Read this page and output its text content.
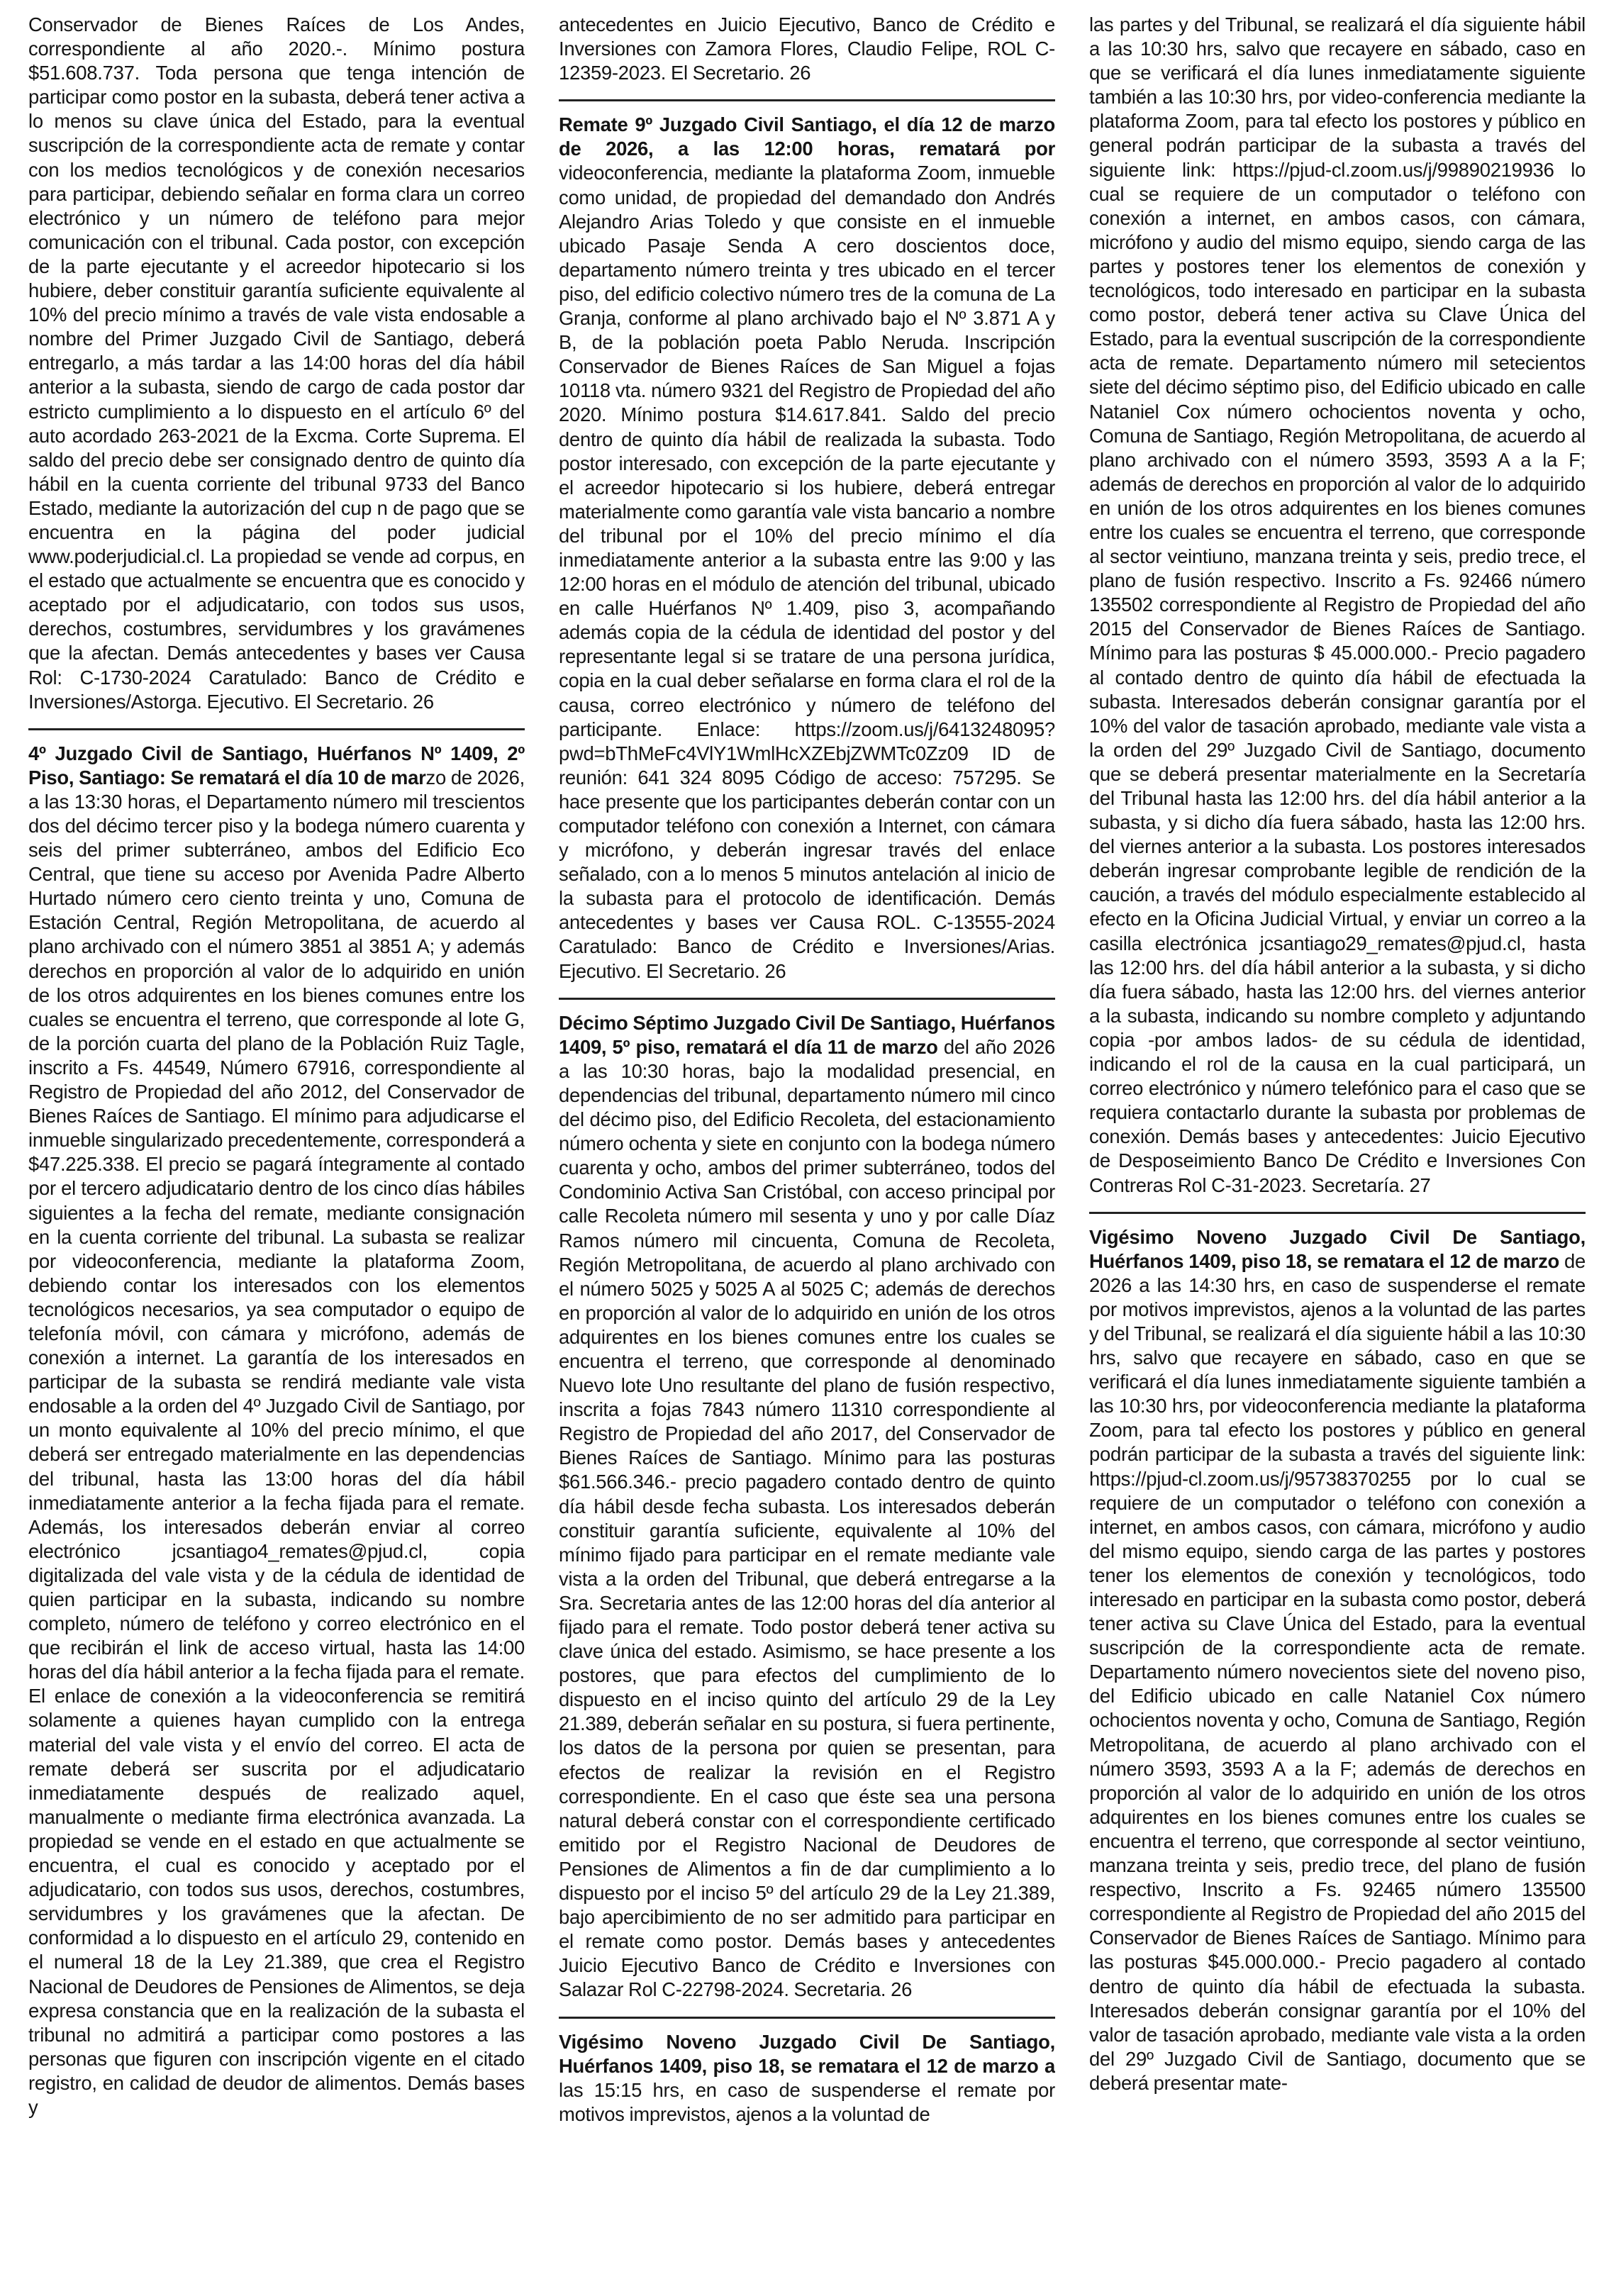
Conservador de Bienes Raíces de Los Andes, correspondiente al año 2020.-. Mínimo postura $51.608.737. Toda persona que tenga intención de participar como postor en la subasta, deberá tener activa a lo menos su clave única del Estado, para la eventual suscripción de la correspondiente acta de remate y contar con los medios tecnológicos y de conexión necesarios para participar, debiendo señalar en forma clara un correo electrónico y un número de teléfono para mejor comunicación con el tribunal. Cada postor, con excepción de la parte ejecutante y el acreedor hipotecario si los hubiere, deber constituir garantía suficiente equivalente al 10% del precio mínimo a través de vale vista endosable a nombre del Primer Juzgado Civil de Santiago, deberá entregarlo, a más tardar a las 14:00 horas del día hábil anterior a la subasta, siendo de cargo de cada postor dar estricto cumplimiento a lo dispuesto en el artículo 6º del auto acordado 263-2021 de la Excma. Corte Suprema. El saldo del precio debe ser consignado dentro de quinto día hábil en la cuenta corriente del tribunal 9733 del Banco Estado, mediante la autorización del cup n de pago que se encuentra en la página del poder judicial www.poderjudicial.cl. La propiedad se vende ad corpus, en el estado que actualmente se encuentra que es conocido y aceptado por el adjudicatario, con todos sus usos, derechos, costumbres, servidumbres y los gravámenes que la afectan. Demás antecedentes y bases ver Causa Rol: C-1730-2024 Caratulado: Banco de Crédito e Inversiones/Astorga. Ejecutivo. El Secretario. 26

4º Juzgado Civil de Santiago, Huérfanos Nº 1409, 2º Piso, Santiago: Se rematará el día 10 de marzo de 2026, a las 13:30 horas, el Departamento número mil trescientos dos del décimo tercer piso y la bodega número cuarenta y seis del primer subterráneo, ambos del Edificio Eco Central, que tiene su acceso por Avenida Padre Alberto Hurtado número cero ciento treinta y uno, Comuna de Estación Central, Región Metropolitana, de acuerdo al plano archivado con el número 3851 al 3851 A; y además derechos en proporción al valor de lo adquirido en unión de los otros adquirentes en los bienes comunes entre los cuales se encuentra el terreno, que corresponde al lote G, de la porción cuarta del plano de la Población Ruiz Tagle, inscrito a Fs. 44549, Número 67916, correspondiente al Registro de Propiedad del año 2012, del Conservador de Bienes Raíces de Santiago. El mínimo para adjudicarse el inmueble singularizado precedentemente, corresponderá a $47.225.338. El precio se pagará íntegramente al contado por el tercero adjudicatario dentro de los cinco días hábiles siguientes a la fecha del remate, mediante consignación en la cuenta corriente del tribunal. La subasta se realizar por videoconferencia, mediante la plataforma Zoom, debiendo contar los interesados con los elementos tecnológicos necesarios, ya sea computador o equipo de telefonía móvil, con cámara y micrófono, además de conexión a internet. La garantía de los interesados en participar de la subasta se rendirá mediante vale vista endosable a la orden del 4º Juzgado Civil de Santiago, por un monto equivalente al 10% del precio mínimo, el que deberá ser entregado materialmente en las dependencias del tribunal, hasta las 13:00 horas del día hábil inmediatamente anterior a la fecha fijada para el remate. Además, los interesados deberán enviar al correo electrónico jcsantiago4_remates@pjud.cl, copia digitalizada del vale vista y de la cédula de identidad de quien participar en la subasta, indicando su nombre completo, número de teléfono y correo electrónico en el que recibirán el link de acceso virtual, hasta las 14:00 horas del día hábil anterior a la fecha fijada para el remate. El enlace de conexión a la videoconferencia se remitirá solamente a quienes hayan cumplido con la entrega material del vale vista y el envío del correo. El acta de remate deberá ser suscrita por el adjudicatario inmediatamente después de realizado aquel, manualmente o mediante firma electrónica avanzada. La propiedad se vende en el estado en que actualmente se encuentra, el cual es conocido y aceptado por el adjudicatario, con todos sus usos, derechos, costumbres, servidumbres y los gravámenes que la afectan. De conformidad a lo dispuesto en el artículo 29, contenido en el numeral 18 de la Ley 21.389, que crea el Registro Nacional de Deudores de Pensiones de Alimentos, se deja expresa constancia que en la realización de la subasta el tribunal no admitirá a participar como postores a las personas que figuren con inscripción vigente en el citado registro, en calidad de deudor de alimentos. Demás bases y

antecedentes en Juicio Ejecutivo, Banco de Crédito e Inversiones con Zamora Flores, Claudio Felipe, ROL C-12359-2023. El Secretario. 26

Remate 9º Juzgado Civil Santiago, el día 12 de marzo de 2026, a las 12:00 horas, rematará por videoconferencia, mediante la plataforma Zoom, inmueble como unidad, de propiedad del demandado don Andrés Alejandro Arias Toledo y que consiste en el inmueble ubicado Pasaje Senda A cero doscientos doce, departamento número treinta y tres ubicado en el tercer piso, del edificio colectivo número tres de la comuna de La Granja, conforme al plano archivado bajo el Nº 3.871 A y B, de la población poeta Pablo Neruda. Inscripción Conservador de Bienes Raíces de San Miguel a fojas 10118 vta. número 9321 del Registro de Propiedad del año 2020. Mínimo postura $14.617.841. Saldo del precio dentro de quinto día hábil de realizada la subasta. Todo postor interesado, con excepción de la parte ejecutante y el acreedor hipotecario si los hubiere, deberá entregar materialmente como garantía vale vista bancario a nombre del tribunal por el 10% del precio mínimo el día inmediatamente anterior a la subasta entre las 9:00 y las 12:00 horas en el módulo de atención del tribunal, ubicado en calle Huérfanos Nº 1.409, piso 3, acompañando además copia de la cédula de identidad del postor y del representante legal si se tratare de una persona jurídica, copia en la cual deber señalarse en forma clara el rol de la causa, correo electrónico y número de teléfono del participante. Enlace: https://zoom.us/j/6413248095?pwd=bThMeFc4VlY1WmlHcXZEbjZWMTc0Zz09 ID de reunión: 641 324 8095 Código de acceso: 757295. Se hace presente que los participantes deberán contar con un computador teléfono con conexión a Internet, con cámara y micrófono, y deberán ingresar través del enlace señalado, con a lo menos 5 minutos antelación al inicio de la subasta para el protocolo de identificación. Demás antecedentes y bases ver Causa ROL. C-13555-2024 Caratulado: Banco de Crédito e Inversiones/Arias. Ejecutivo. El Secretario. 26

Décimo Séptimo Juzgado Civil De Santiago, Huérfanos 1409, 5º piso, rematará el día 11 de marzo del año 2026 a las 10:30 horas, bajo la modalidad presencial, en dependencias del tribunal, departamento número mil cinco del décimo piso, del Edificio Recoleta, del estacionamiento número ochenta y siete en conjunto con la bodega número cuarenta y ocho, ambos del primer subterráneo, todos del Condominio Activa San Cristóbal, con acceso principal por calle Recoleta número mil sesenta y uno y por calle Díaz Ramos número mil cincuenta, Comuna de Recoleta, Región Metropolitana, de acuerdo al plano archivado con el número 5025 y 5025 A al 5025 C; además de derechos en proporción al valor de lo adquirido en unión de los otros adquirentes en los bienes comunes entre los cuales se encuentra el terreno, que corresponde al denominado Nuevo lote Uno resultante del plano de fusión respectivo, inscrita a fojas 7843 número 11310 correspondiente al Registro de Propiedad del año 2017, del Conservador de Bienes Raíces de Santiago. Mínimo para las posturas $61.566.346.- precio pagadero contado dentro de quinto día hábil desde fecha subasta. Los interesados deberán constituir garantía suficiente, equivalente al 10% del mínimo fijado para participar en el remate mediante vale vista a la orden del Tribunal, que deberá entregarse a la Sra. Secretaria antes de las 12:00 horas del día anterior al fijado para el remate. Todo postor deberá tener activa su clave única del estado. Asimismo, se hace presente a los postores, que para efectos del cumplimiento de lo dispuesto en el inciso quinto del artículo 29 de la Ley 21.389, deberán señalar en su postura, si fuera pertinente, los datos de la persona por quien se presentan, para efectos de realizar la revisión en el Registro correspondiente. En el caso que éste sea una persona natural deberá constar con el correspondiente certificado emitido por el Registro Nacional de Deudores de Pensiones de Alimentos a fin de dar cumplimiento a lo dispuesto por el inciso 5º del artículo 29 de la Ley 21.389, bajo apercibimiento de no ser admitido para participar en el remate como postor. Demás bases y antecedentes Juicio Ejecutivo Banco de Crédito e Inversiones con Salazar Rol C-22798-2024. Secretaria. 26

Vigésimo Noveno Juzgado Civil De Santiago, Huérfanos 1409, piso 18, se rematara el 12 de marzo a las 15:15 hrs, en caso de suspenderse el remate por motivos imprevistos, ajenos a la voluntad de

las partes y del Tribunal, se realizará el día siguiente hábil a las 10:30 hrs, salvo que recayere en sábado, caso en que se verificará el día lunes inmediatamente siguiente también a las 10:30 hrs, por video-conferencia mediante la plataforma Zoom, para tal efecto los postores y público en general podrán participar de la subasta a través del siguiente link: https://pjud-cl.zoom.us/j/99890219936 lo cual se requiere de un computador o teléfono con conexión a internet, en ambos casos, con cámara, micrófono y audio del mismo equipo, siendo carga de las partes y postores tener los elementos de conexión y tecnológicos, todo interesado en participar en la subasta como postor, deberá tener activa su Clave Única del Estado, para la eventual suscripción de la correspondiente acta de remate. Departamento número mil setecientos siete del décimo séptimo piso, del Edificio ubicado en calle Nataniel Cox número ochocientos noventa y ocho, Comuna de Santiago, Región Metropolitana, de acuerdo al plano archivado con el número 3593, 3593 A a la F; además de derechos en proporción al valor de lo adquirido en unión de los otros adquirentes en los bienes comunes entre los cuales se encuentra el terreno, que corresponde al sector veintiuno, manzana treinta y seis, predio trece, el plano de fusión respectivo. Inscrito a Fs. 92466 número 135502 correspondiente al Registro de Propiedad del año 2015 del Conservador de Bienes Raíces de Santiago. Mínimo para las posturas $ 45.000.000.- Precio pagadero al contado dentro de quinto día hábil de efectuada la subasta. Interesados deberán consignar garantía por el 10% del valor de tasación aprobado, mediante vale vista a la orden del 29º Juzgado Civil de Santiago, documento que se deberá presentar materialmente en la Secretaría del Tribunal hasta las 12:00 hrs. del día hábil anterior a la subasta, y si dicho día fuera sábado, hasta las 12:00 hrs. del viernes anterior a la subasta. Los postores interesados deberán ingresar comprobante legible de rendición de la caución, a través del módulo especialmente establecido al efecto en la Oficina Judicial Virtual, y enviar un correo a la casilla electrónica jcsantiago29_remates@pjud.cl, hasta las 12:00 hrs. del día hábil anterior a la subasta, y si dicho día fuera sábado, hasta las 12:00 hrs. del viernes anterior a la subasta, indicando su nombre completo y adjuntando copia -por ambos lados- de su cédula de identidad, indicando el rol de la causa en la cual participará, un correo electrónico y número telefónico para el caso que se requiera contactarlo durante la subasta por problemas de conexión. Demás bases y antecedentes: Juicio Ejecutivo de Desposeimiento Banco De Crédito e Inversiones Con Contreras Rol C-31-2023. Secretaría. 27

Vigésimo Noveno Juzgado Civil De Santiago, Huérfanos 1409, piso 18, se rematara el 12 de marzo de 2026 a las 14:30 hrs, en caso de suspenderse el remate por motivos imprevistos, ajenos a la voluntad de las partes y del Tribunal, se realizará el día siguiente hábil a las 10:30 hrs, salvo que recayere en sábado, caso en que se verificará el día lunes inmediatamente siguiente también a las 10:30 hrs, por videoconferencia mediante la plataforma Zoom, para tal efecto los postores y público en general podrán participar de la subasta a través del siguiente link: https://pjud-cl.zoom.us/j/95738370255 por lo cual se requiere de un computador o teléfono con conexión a internet, en ambos casos, con cámara, micrófono y audio del mismo equipo, siendo carga de las partes y postores tener los elementos de conexión y tecnológicos, todo interesado en participar en la subasta como postor, deberá tener activa su Clave Única del Estado, para la eventual suscripción de la correspondiente acta de remate. Departamento número novecientos siete del noveno piso, del Edificio ubicado en calle Nataniel Cox número ochocientos noventa y ocho, Comuna de Santiago, Región Metropolitana, de acuerdo al plano archivado con el número 3593, 3593 A a la F; además de derechos en proporción al valor de lo adquirido en unión de los otros adquirentes en los bienes comunes entre los cuales se encuentra el terreno, que corresponde al sector veintiuno, manzana treinta y seis, predio trece, del plano de fusión respectivo, Inscrito a Fs. 92465 número 135500 correspondiente al Registro de Propiedad del año 2015 del Conservador de Bienes Raíces de Santiago. Mínimo para las posturas $45.000.000.- Precio pagadero al contado dentro de quinto día hábil de efectuada la subasta. Interesados deberán consignar garantía por el 10% del valor de tasación aprobado, mediante vale vista a la orden del 29º Juzgado Civil de Santiago, documento que se deberá presentar mate-
